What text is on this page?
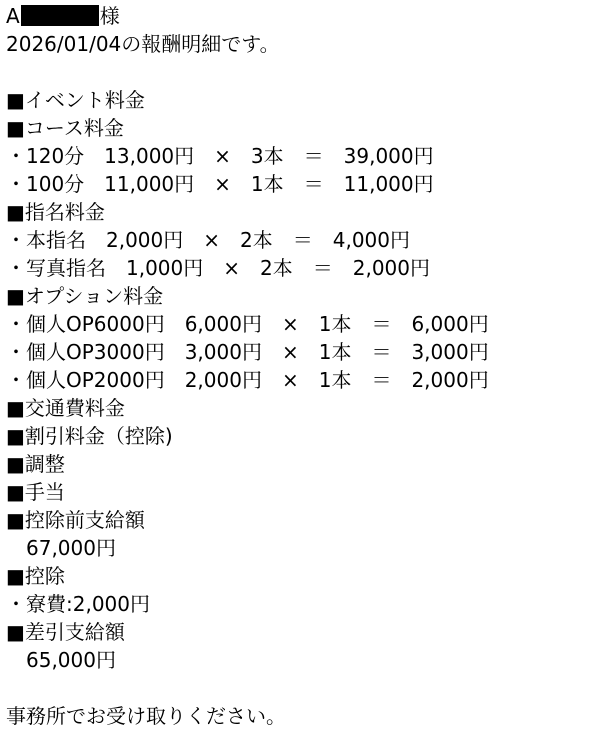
A	様
2026/01/04の報酬明細です。
■イベント料金
■コース料金
・120分　13,000円　×　3本　＝　39,000円
・100分　11,000円　×　1本　＝　11,000円
■指名料金
・本指名　2,000円　×　2本　＝　4,000円
・写真指名　1,000円　×　2本　＝　2,000円
■オプション料金
・個人OP6000円　6,000円　×　1本　＝　6,000円
・個人OP3000円　3,000円　×　1本　＝　3,000円
・個人OP2000円　2,000円　×　1本　＝　2,000円
■交通費料金
■割引料金（控除)
■調整
■手当
■控除前支給額
　67,000円
■控除
・寮費:2,000円
■差引支給額
　65,000円
事務所でお受け取りください。
